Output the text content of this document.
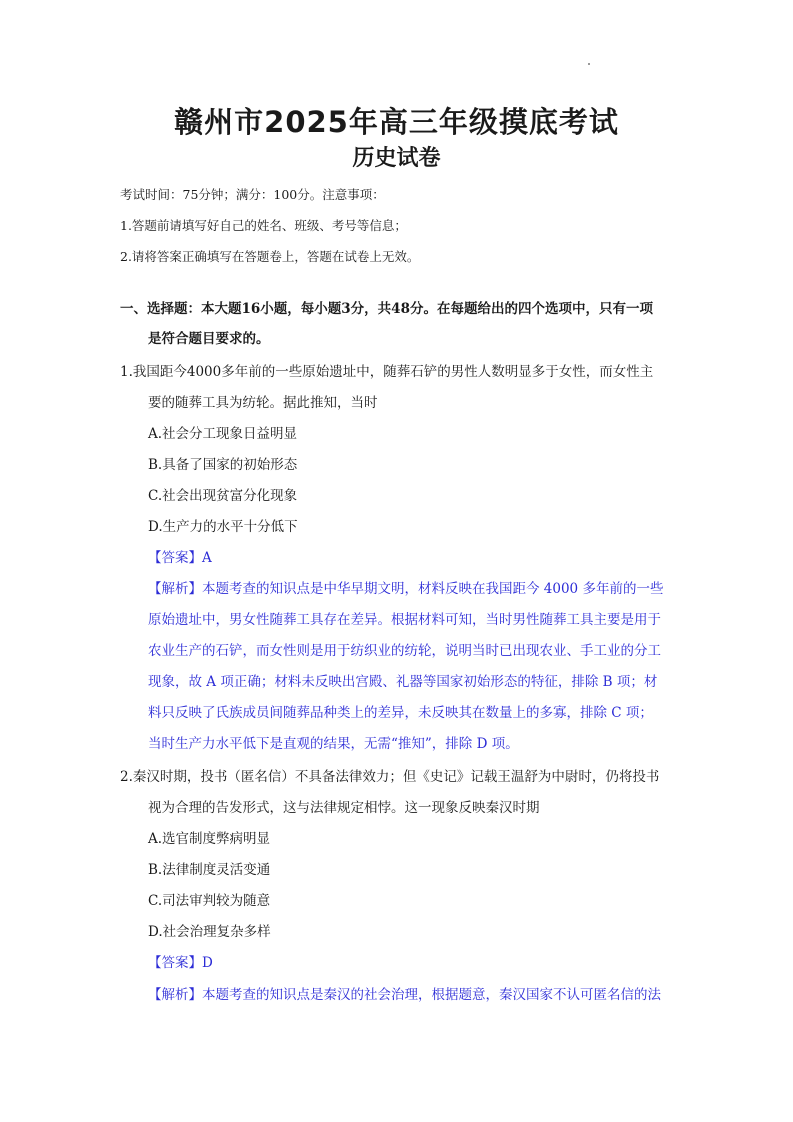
赣州市2025年高三年级摸底考试
历史试卷
考试时间：75分钟；满分：100分。注意事项：
1.答题前请填写好自己的姓名、班级、考号等信息；
2.请将答案正确填写在答题卷上，答题在试卷上无效。
一、选择题：本大题16小题，每小题3分，共48分。在每题给出的四个选项中，只有一项
是符合题目要求的。
1.我国距今4000多年前的一些原始遗址中，随葬石铲的男性人数明显多于女性，而女性主
要的随葬工具为纺轮。据此推知，当时
A.社会分工现象日益明显
B.具备了国家的初始形态
C.社会出现贫富分化现象
D.生产力的水平十分低下
【答案】A
【解析】本题考查的知识点是中华早期文明，材料反映在我国距今 4000 多年前的一些
原始遗址中，男女性随葬工具存在差异。根据材料可知，当时男性随葬工具主要是用于
农业生产的石铲，而女性则是用于纺织业的纺轮，说明当时已出现农业、手工业的分工
现象，故 A 项正确；材料未反映出宫殿、礼器等国家初始形态的特征，排除 B 项；材
料只反映了氏族成员间随葬品种类上的差异，未反映其在数量上的多寡，排除 C 项；
当时生产力水平低下是直观的结果，无需“推知”，排除 D 项。
2.秦汉时期，投书（匿名信）不具备法律效力；但《史记》记载王温舒为中尉时，仍将投书
视为合理的告发形式，这与法律规定相悖。这一现象反映秦汉时期
A.选官制度弊病明显
B.法律制度灵活变通
C.司法审判较为随意
D.社会治理复杂多样
【答案】D
【解析】本题考查的知识点是秦汉的社会治理，根据题意，秦汉国家不认可匿名信的法
